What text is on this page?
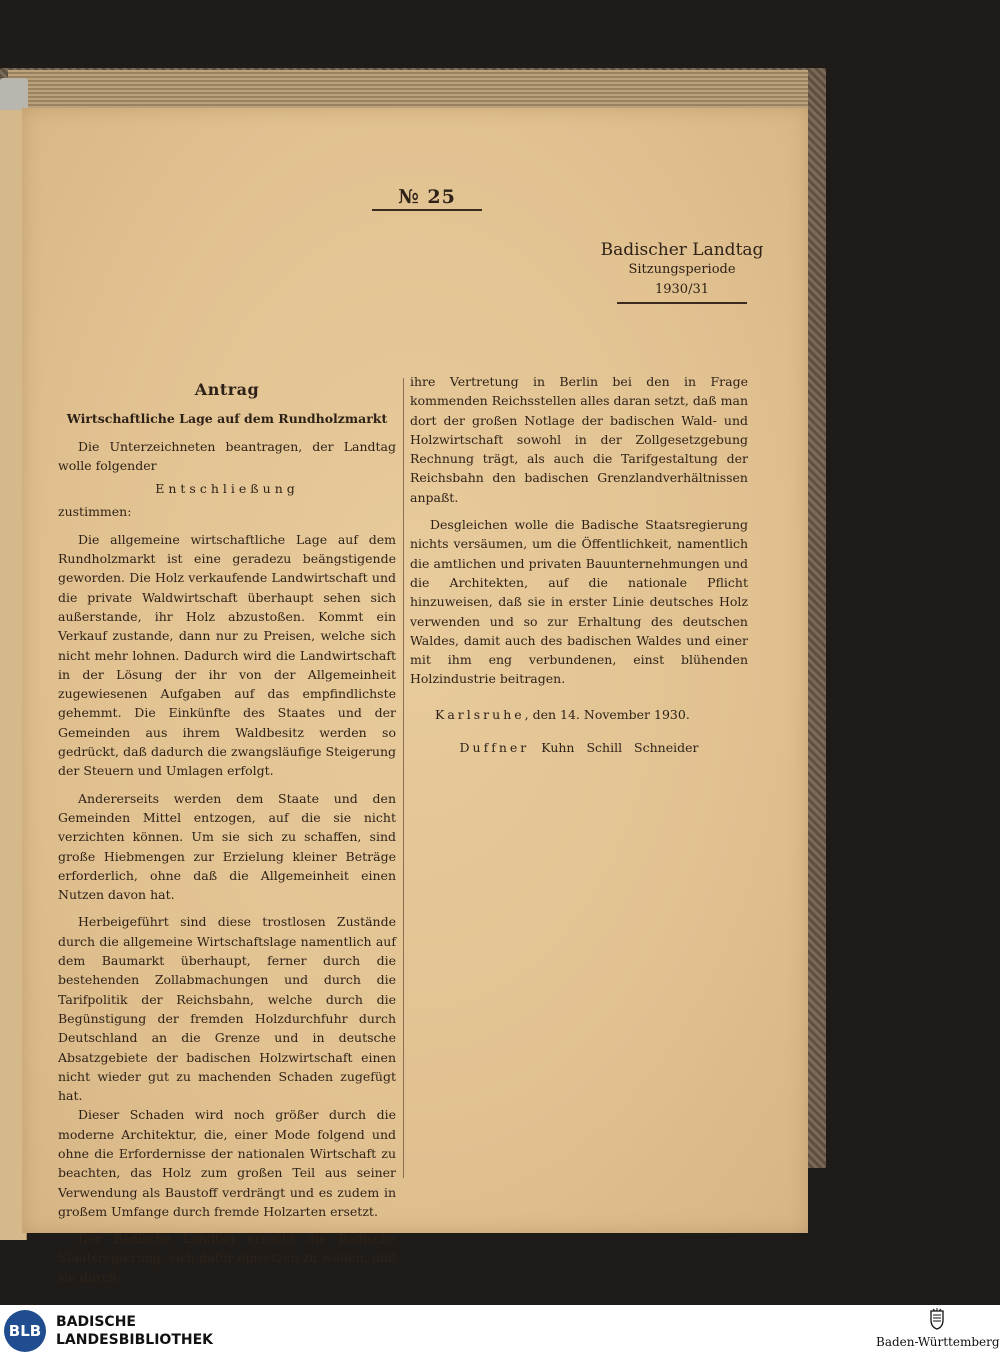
№ 25
Badischer Landtag
Sitzungsperiode
1930/31
Antrag
Wirtschaftliche Lage auf dem Rundholzmarkt

Die Unterzeichneten beantragen, der Landtag wolle folgender

Entschließung

zustimmen:

Die allgemeine wirtschaftliche Lage auf dem Rundholzmarkt ist eine geradezu beängstigende geworden. Die Holz verkaufende Landwirtschaft und die private Waldwirtschaft überhaupt sehen sich außerstande, ihr Holz abzustoßen. Kommt ein Verkauf zustande, dann nur zu Preisen, welche sich nicht mehr lohnen. Dadurch wird die Landwirtschaft in der Lösung der ihr von der Allgemeinheit zugewiesenen Aufgaben auf das empfindlichste gehemmt. Die Einkünfte des Staates und der Gemeinden aus ihrem Waldbesitz werden so gedrückt, daß dadurch die zwangsläufige Steigerung der Steuern und Umlagen erfolgt.

Andererseits werden dem Staate und den Gemeinden Mittel entzogen, auf die sie nicht verzichten können. Um sie sich zu schaffen, sind große Hiebmengen zur Erzielung kleiner Beträge erforderlich, ohne daß die Allgemeinheit einen Nutzen davon hat.

Herbeigeführt sind diese trostlosen Zustände durch die allgemeine Wirtschaftslage namentlich auf dem Baumarkt überhaupt, ferner durch die bestehenden Zollabmachungen und durch die Tarifpolitik der Reichsbahn, welche durch die Begünstigung der fremden Holzdurchfuhr durch Deutschland an die Grenze und in deutsche Absatzgebiete der badischen Holzwirtschaft einen nicht wieder gut zu machenden Schaden zugefügt hat.

Dieser Schaden wird noch größer durch die moderne Architektur, die, einer Mode folgend und ohne die Erfordernisse der nationalen Wirtschaft zu beachten, das Holz zum großen Teil aus seiner Verwendung als Baustoff verdrängt und es zudem in großem Umfange durch fremde Holzarten ersetzt.

Der Badische Landtag ersucht die Badische Staatsregierung, sich dafür einsetzen zu wollen, daß sie durch

ihre Vertretung in Berlin bei den in Frage kommenden Reichsstellen alles daran setzt, daß man dort der großen Notlage der badischen Wald- und Holzwirtschaft sowohl in der Zollgesetzgebung Rechnung trägt, als auch die Tarifgestaltung der Reichsbahn den badischen Grenzlandverhältnissen anpaßt.

Desgleichen wolle die Badische Staatsregierung nichts versäumen, um die Öffentlichkeit, namentlich die amtlichen und privaten Bauunternehmungen und die Architekten, auf die nationale Pflicht hinzuweisen, daß sie in erster Linie deutsches Holz verwenden und so zur Erhaltung des deutschen Waldes, damit auch des badischen Waldes und einer mit ihm eng verbundenen, einst blühenden Holzindustrie beitragen.

Karlsruhe, den 14. November 1930.
Duffner Kuhn Schill Schneider
BLB	BADISCHE
LANDESBIBLIOTHEK	Baden-Württemberg
